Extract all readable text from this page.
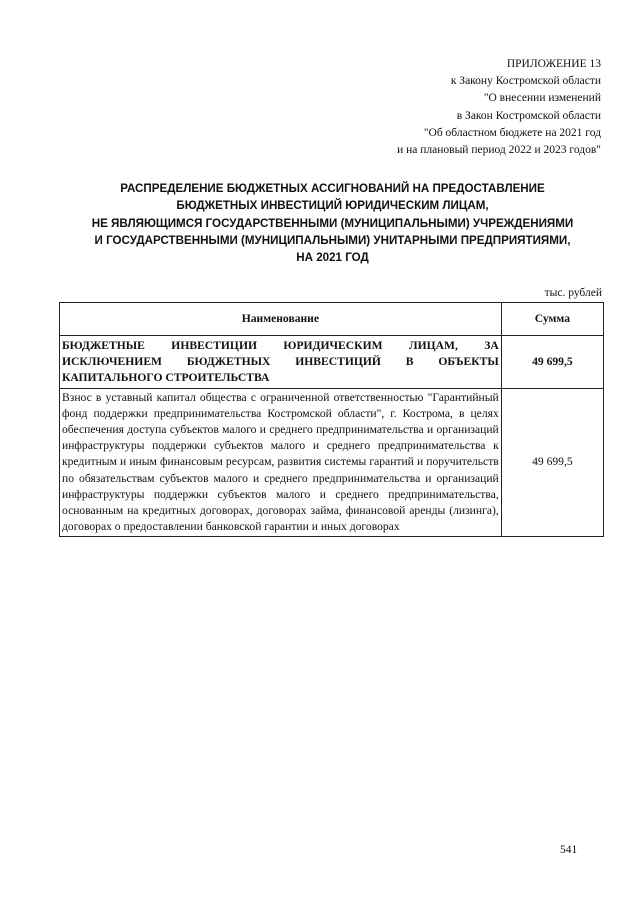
ПРИЛОЖЕНИЕ 13
к Закону Костромской области
"О внесении изменений
в Закон Костромской области
"Об областном бюджете на 2021 год
и на плановый период 2022 и 2023 годов"
РАСПРЕДЕЛЕНИЕ БЮДЖЕТНЫХ АССИГНОВАНИЙ НА ПРЕДОСТАВЛЕНИЕ
БЮДЖЕТНЫХ ИНВЕСТИЦИЙ ЮРИДИЧЕСКИМ ЛИЦАМ,
НЕ ЯВЛЯЮЩИМСЯ ГОСУДАРСТВЕННЫМИ (МУНИЦИПАЛЬНЫМИ) УЧРЕЖДЕНИЯМИ
И ГОСУДАРСТВЕННЫМИ (МУНИЦИПАЛЬНЫМИ) УНИТАРНЫМИ ПРЕДПРИЯТИЯМИ,
НА 2021 ГОД
тыс. рублей
Наименование	Сумма
БЮДЖЕТНЫЕ ИНВЕСТИЦИИ ЮРИДИЧЕСКИМ ЛИЦАМ, ЗА ИСКЛЮЧЕНИЕМ БЮДЖЕТНЫХ ИНВЕСТИЦИЙ В ОБЪЕКТЫ КАПИТАЛЬНОГО СТРОИТЕЛЬСТВА	49 699,5
Взнос в уставный капитал общества с ограниченной ответственностью "Гарантийный фонд поддержки предпринимательства Костромской области", г. Кострома, в целях обеспечения доступа субъектов малого и среднего предпринимательства и организаций инфраструктуры поддержки субъектов малого и среднего предпринимательства к кредитным и иным финансовым ресурсам, развития системы гарантий и поручительств по обязательствам субъектов малого и среднего предпринимательства и организаций инфраструктуры поддержки субъектов малого и среднего предпринимательства, основанным на кредитных договорах, договорах займа, финансовой аренды (лизинга), договорах о предоставлении банковской гарантии и иных договорах	49 699,5
541
